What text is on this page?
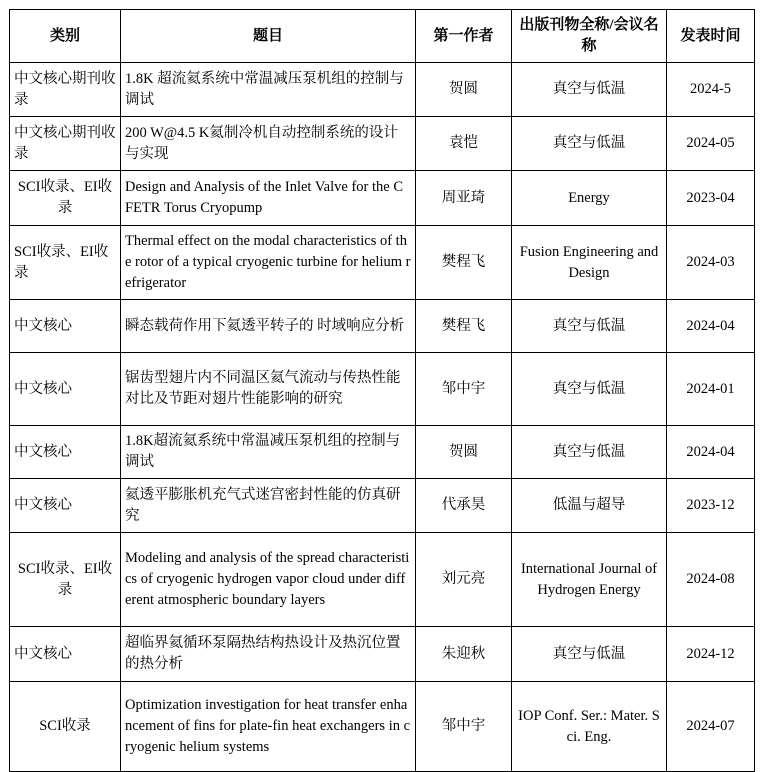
类别	题目	第一作者	出版刊物全称/会议名称	发表时间
中文核心期刊收录	1.8K 超流氦系统中常温减压泵机组的控制与调试	贺圆	真空与低温	2024-5
中文核心期刊收录	200 W@4.5 K氦制冷机自动控制系统的设计与实现	袁恺	真空与低温	2024-05
SCI收录、EI收录	Design and Analysis of the Inlet Valve for the CFETR Torus Cryopump	周亚琦	Energy	2023-04
SCI收录、EI收录	Thermal effect on the modal characteristics of the rotor of a typical cryogenic turbine for helium refrigerator	樊程飞	Fusion Engineering and Design	2024-03
中文核心	瞬态载荷作用下氦透平转子的 时域响应分析	樊程飞	真空与低温	2024-04
中文核心	锯齿型翅片内不同温区氦气流动与传热性能对比及节距对翅片性能影响的研究	邹中宇	真空与低温	2024-01
中文核心	1.8K超流氦系统中常温减压泵机组的控制与调试	贺圆	真空与低温	2024-04
中文核心	氦透平膨胀机充气式迷宫密封性能的仿真研究	代承昊	低温与超导	2023-12
SCI收录、EI收录	Modeling and analysis of the spread characteristics of cryogenic hydrogen vapor cloud under different atmospheric boundary layers	刘元亮	International Journal of Hydrogen Energy	2024-08
中文核心	超临界氦循环泵隔热结构热设计及热沉位置的热分析	朱迎秋	真空与低温	2024-12
SCI收录	Optimization investigation for heat transfer enhancement of fins for plate-fin heat exchangers in cryogenic helium systems	邹中宇	IOP Conf. Ser.: Mater. Sci. Eng.	2024-07
